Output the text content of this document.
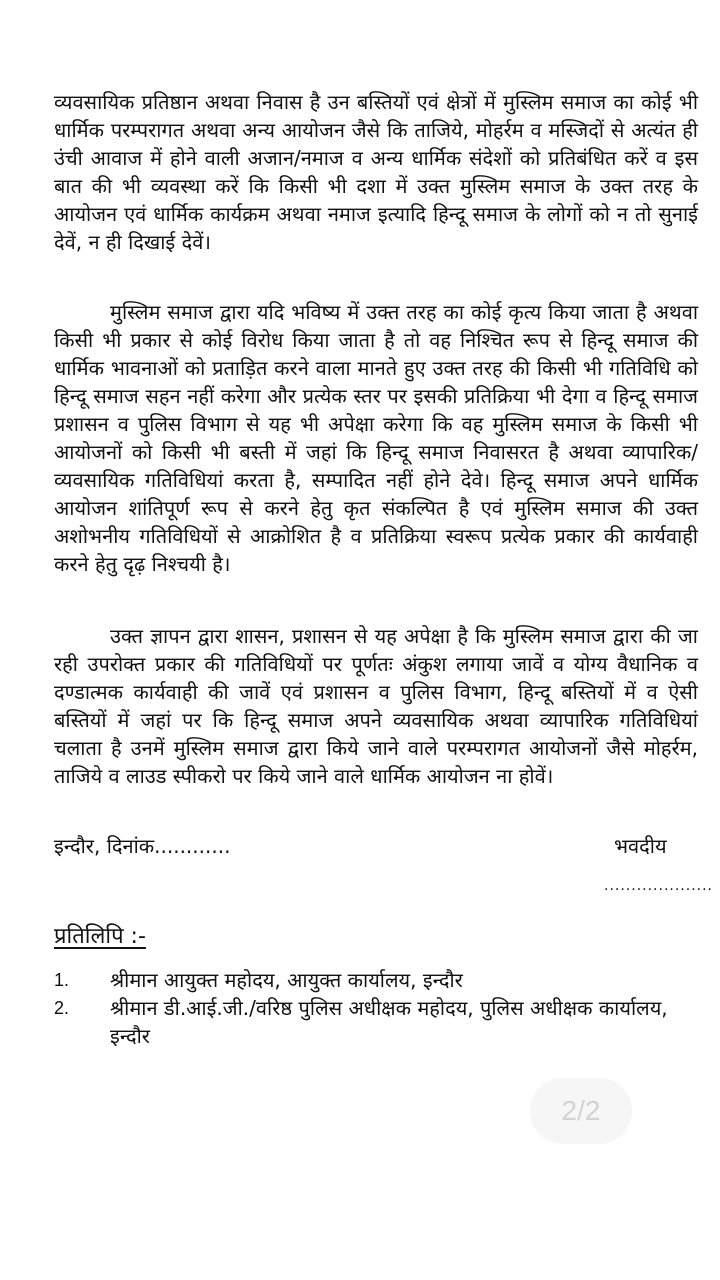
व्यवसायिक प्रतिष्ठान अथवा निवास है उन बस्तियों एवं क्षेत्रों में मुस्लिम समाज का कोई भी धार्मिक परम्परागत अथवा अन्य आयोजन जैसे कि ताजिये, मोहर्रम व मस्जिदों से अत्यंत ही उंची आवाज में होने वाली अजान/नमाज व अन्य धार्मिक संदेशों को प्रतिबंधित करें व इस बात की भी व्यवस्था करें कि किसी भी दशा में उक्त मुस्लिम समाज के उक्त तरह के आयोजन एवं धार्मिक कार्यक्रम अथवा नमाज इत्यादि हिन्दू समाज के लोगों को न तो सुनाई देवें, न ही दिखाई देवें।

मुस्लिम समाज द्वारा यदि भविष्य में उक्त तरह का कोई कृत्य किया जाता है अथवा किसी भी प्रकार से कोई विरोध किया जाता है तो वह निश्चित रूप से हिन्दू समाज की धार्मिक भावनाओं को प्रताड़ित करने वाला मानते हुए उक्त तरह की किसी भी गतिविधि को हिन्दू समाज सहन नहीं करेगा और प्रत्येक स्तर पर इसकी प्रतिक्रिया भी देगा व हिन्दू समाज प्रशासन व पुलिस विभाग से यह भी अपेक्षा करेगा कि वह मुस्लिम समाज के किसी भी आयोजनों को किसी भी बस्ती में जहां कि हिन्दू समाज निवासरत है अथवा व्यापारिक/व्यवसायिक गतिविधियां करता है, सम्पादित नहीं होने देवे। हिन्दू समाज अपने धार्मिक आयोजन शांतिपूर्ण रूप से करने हेतु कृत संकल्पित है एवं मुस्लिम समाज की उक्त अशोभनीय गतिविधियों से आक्रोशित है व प्रतिक्रिया स्वरूप प्रत्येक प्रकार की कार्यवाही करने हेतु दृढ़ निश्चयी है।

उक्त ज्ञापन द्वारा शासन, प्रशासन से यह अपेक्षा है कि मुस्लिम समाज द्वारा की जा रही उपरोक्त प्रकार की गतिविधियों पर पूर्णतः अंकुश लगाया जावें व योग्य वैधानिक व दण्डात्मक कार्यवाही की जावें एवं प्रशासन व पुलिस विभाग, हिन्दू बस्तियों में व ऐसी बस्तियों में जहां पर कि हिन्दू समाज अपने व्यवसायिक अथवा व्यापारिक गतिविधियां चलाता है उनमें मुस्लिम समाज द्वारा किये जाने वाले परम्परागत आयोजनों जैसे मोहर्रम, ताजिये व लाउड स्पीकरो पर किये जाने वाले धार्मिक आयोजन ना होवें।

इन्दौर, दिनांक............	भवदीय
....................
प्रतिलिपि :-
1. श्रीमान आयुक्त महोदय, आयुक्त कार्यालय, इन्दौर
2. श्रीमान डी.आई.जी./वरिष्ठ पुलिस अधीक्षक महोदय, पुलिस अधीक्षक कार्यालय, इन्दौर
2/2
